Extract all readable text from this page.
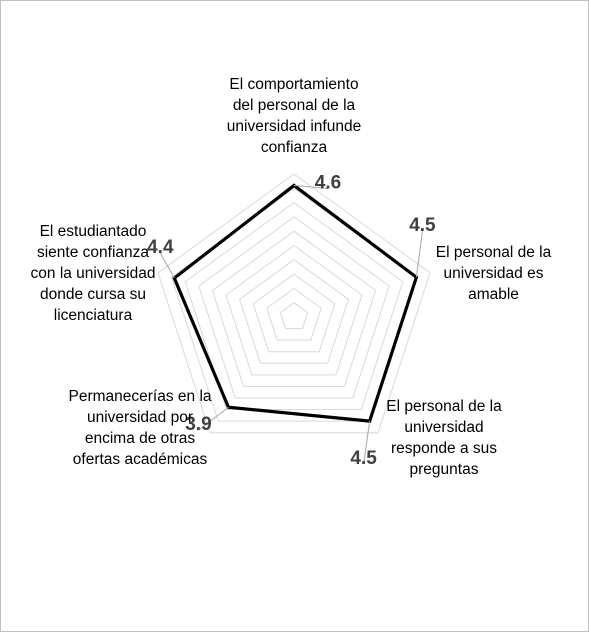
4.6
4.5
4.5
3.9
4.4
El comportamiento del personal de la universidad infunde confianza
El personal de la universidad es amable
El personal de la universidad responde a sus preguntas
Permanecerías en la universidad por encima de otras ofertas académicas
El estudiantado siente confianza con la universidad donde cursa su licenciatura
